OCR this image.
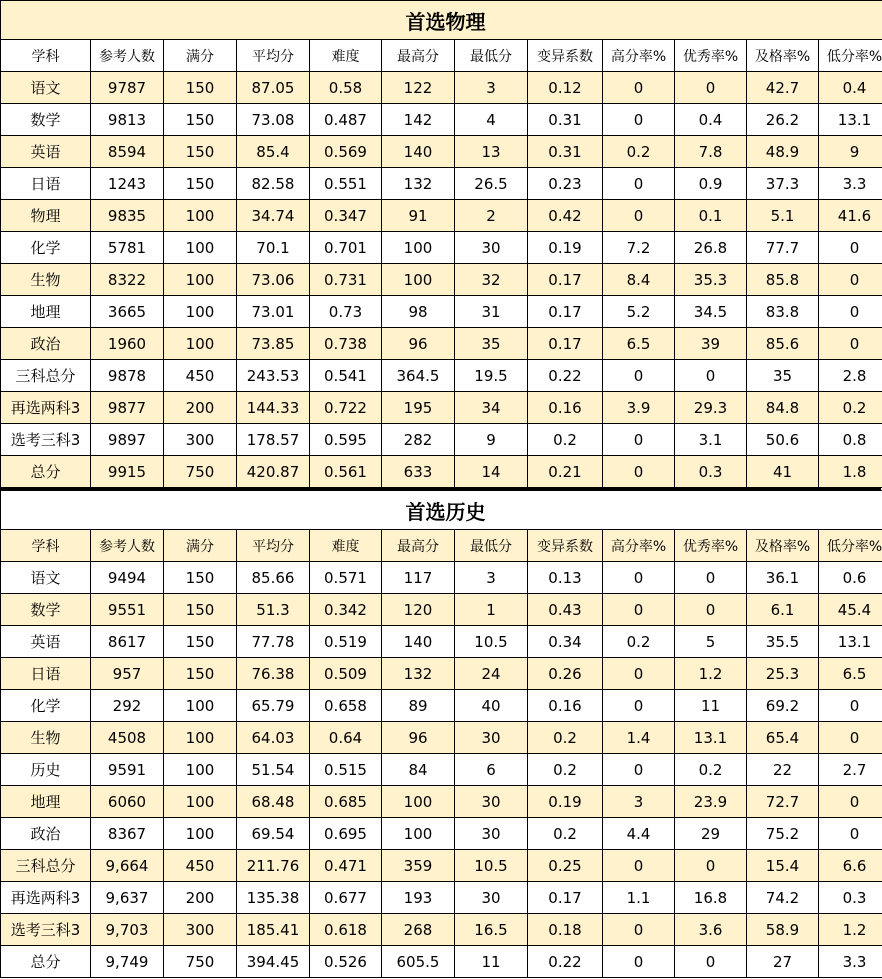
首选物理											
学科	参考人数	满分	平均分	难度	最高分	最低分	变异系数	高分率%	优秀率%	及格率%	低分率%
语文	9787	150	87.05	0.58	122	3	0.12	0	0	42.7	0.4
数学	9813	150	73.08	0.487	142	4	0.31	0	0.4	26.2	13.1
英语	8594	150	85.4	0.569	140	13	0.31	0.2	7.8	48.9	9
日语	1243	150	82.58	0.551	132	26.5	0.23	0	0.9	37.3	3.3
物理	9835	100	34.74	0.347	91	2	0.42	0	0.1	5.1	41.6
化学	5781	100	70.1	0.701	100	30	0.19	7.2	26.8	77.7	0
生物	8322	100	73.06	0.731	100	32	0.17	8.4	35.3	85.8	0
地理	3665	100	73.01	0.73	98	31	0.17	5.2	34.5	83.8	0
政治	1960	100	73.85	0.738	96	35	0.17	6.5	39	85.6	0
三科总分	9878	450	243.53	0.541	364.5	19.5	0.22	0	0	35	2.8
再选两科3	9877	200	144.33	0.722	195	34	0.16	3.9	29.3	84.8	0.2
选考三科3	9897	300	178.57	0.595	282	9	0.2	0	3.1	50.6	0.8
总分	9915	750	420.87	0.561	633	14	0.21	0	0.3	41	1.8
首选历史											
学科	参考人数	满分	平均分	难度	最高分	最低分	变异系数	高分率%	优秀率%	及格率%	低分率%
语文	9494	150	85.66	0.571	117	3	0.13	0	0	36.1	0.6
数学	9551	150	51.3	0.342	120	1	0.43	0	0	6.1	45.4
英语	8617	150	77.78	0.519	140	10.5	0.34	0.2	5	35.5	13.1
日语	957	150	76.38	0.509	132	24	0.26	0	1.2	25.3	6.5
化学	292	100	65.79	0.658	89	40	0.16	0	11	69.2	0
生物	4508	100	64.03	0.64	96	30	0.2	1.4	13.1	65.4	0
历史	9591	100	51.54	0.515	84	6	0.2	0	0.2	22	2.7
地理	6060	100	68.48	0.685	100	30	0.19	3	23.9	72.7	0
政治	8367	100	69.54	0.695	100	30	0.2	4.4	29	75.2	0
三科总分	9,664	450	211.76	0.471	359	10.5	0.25	0	0	15.4	6.6
再选两科3	9,637	200	135.38	0.677	193	30	0.17	1.1	16.8	74.2	0.3
选考三科3	9,703	300	185.41	0.618	268	16.5	0.18	0	3.6	58.9	1.2
总分	9,749	750	394.45	0.526	605.5	11	0.22	0	0	27	3.3
